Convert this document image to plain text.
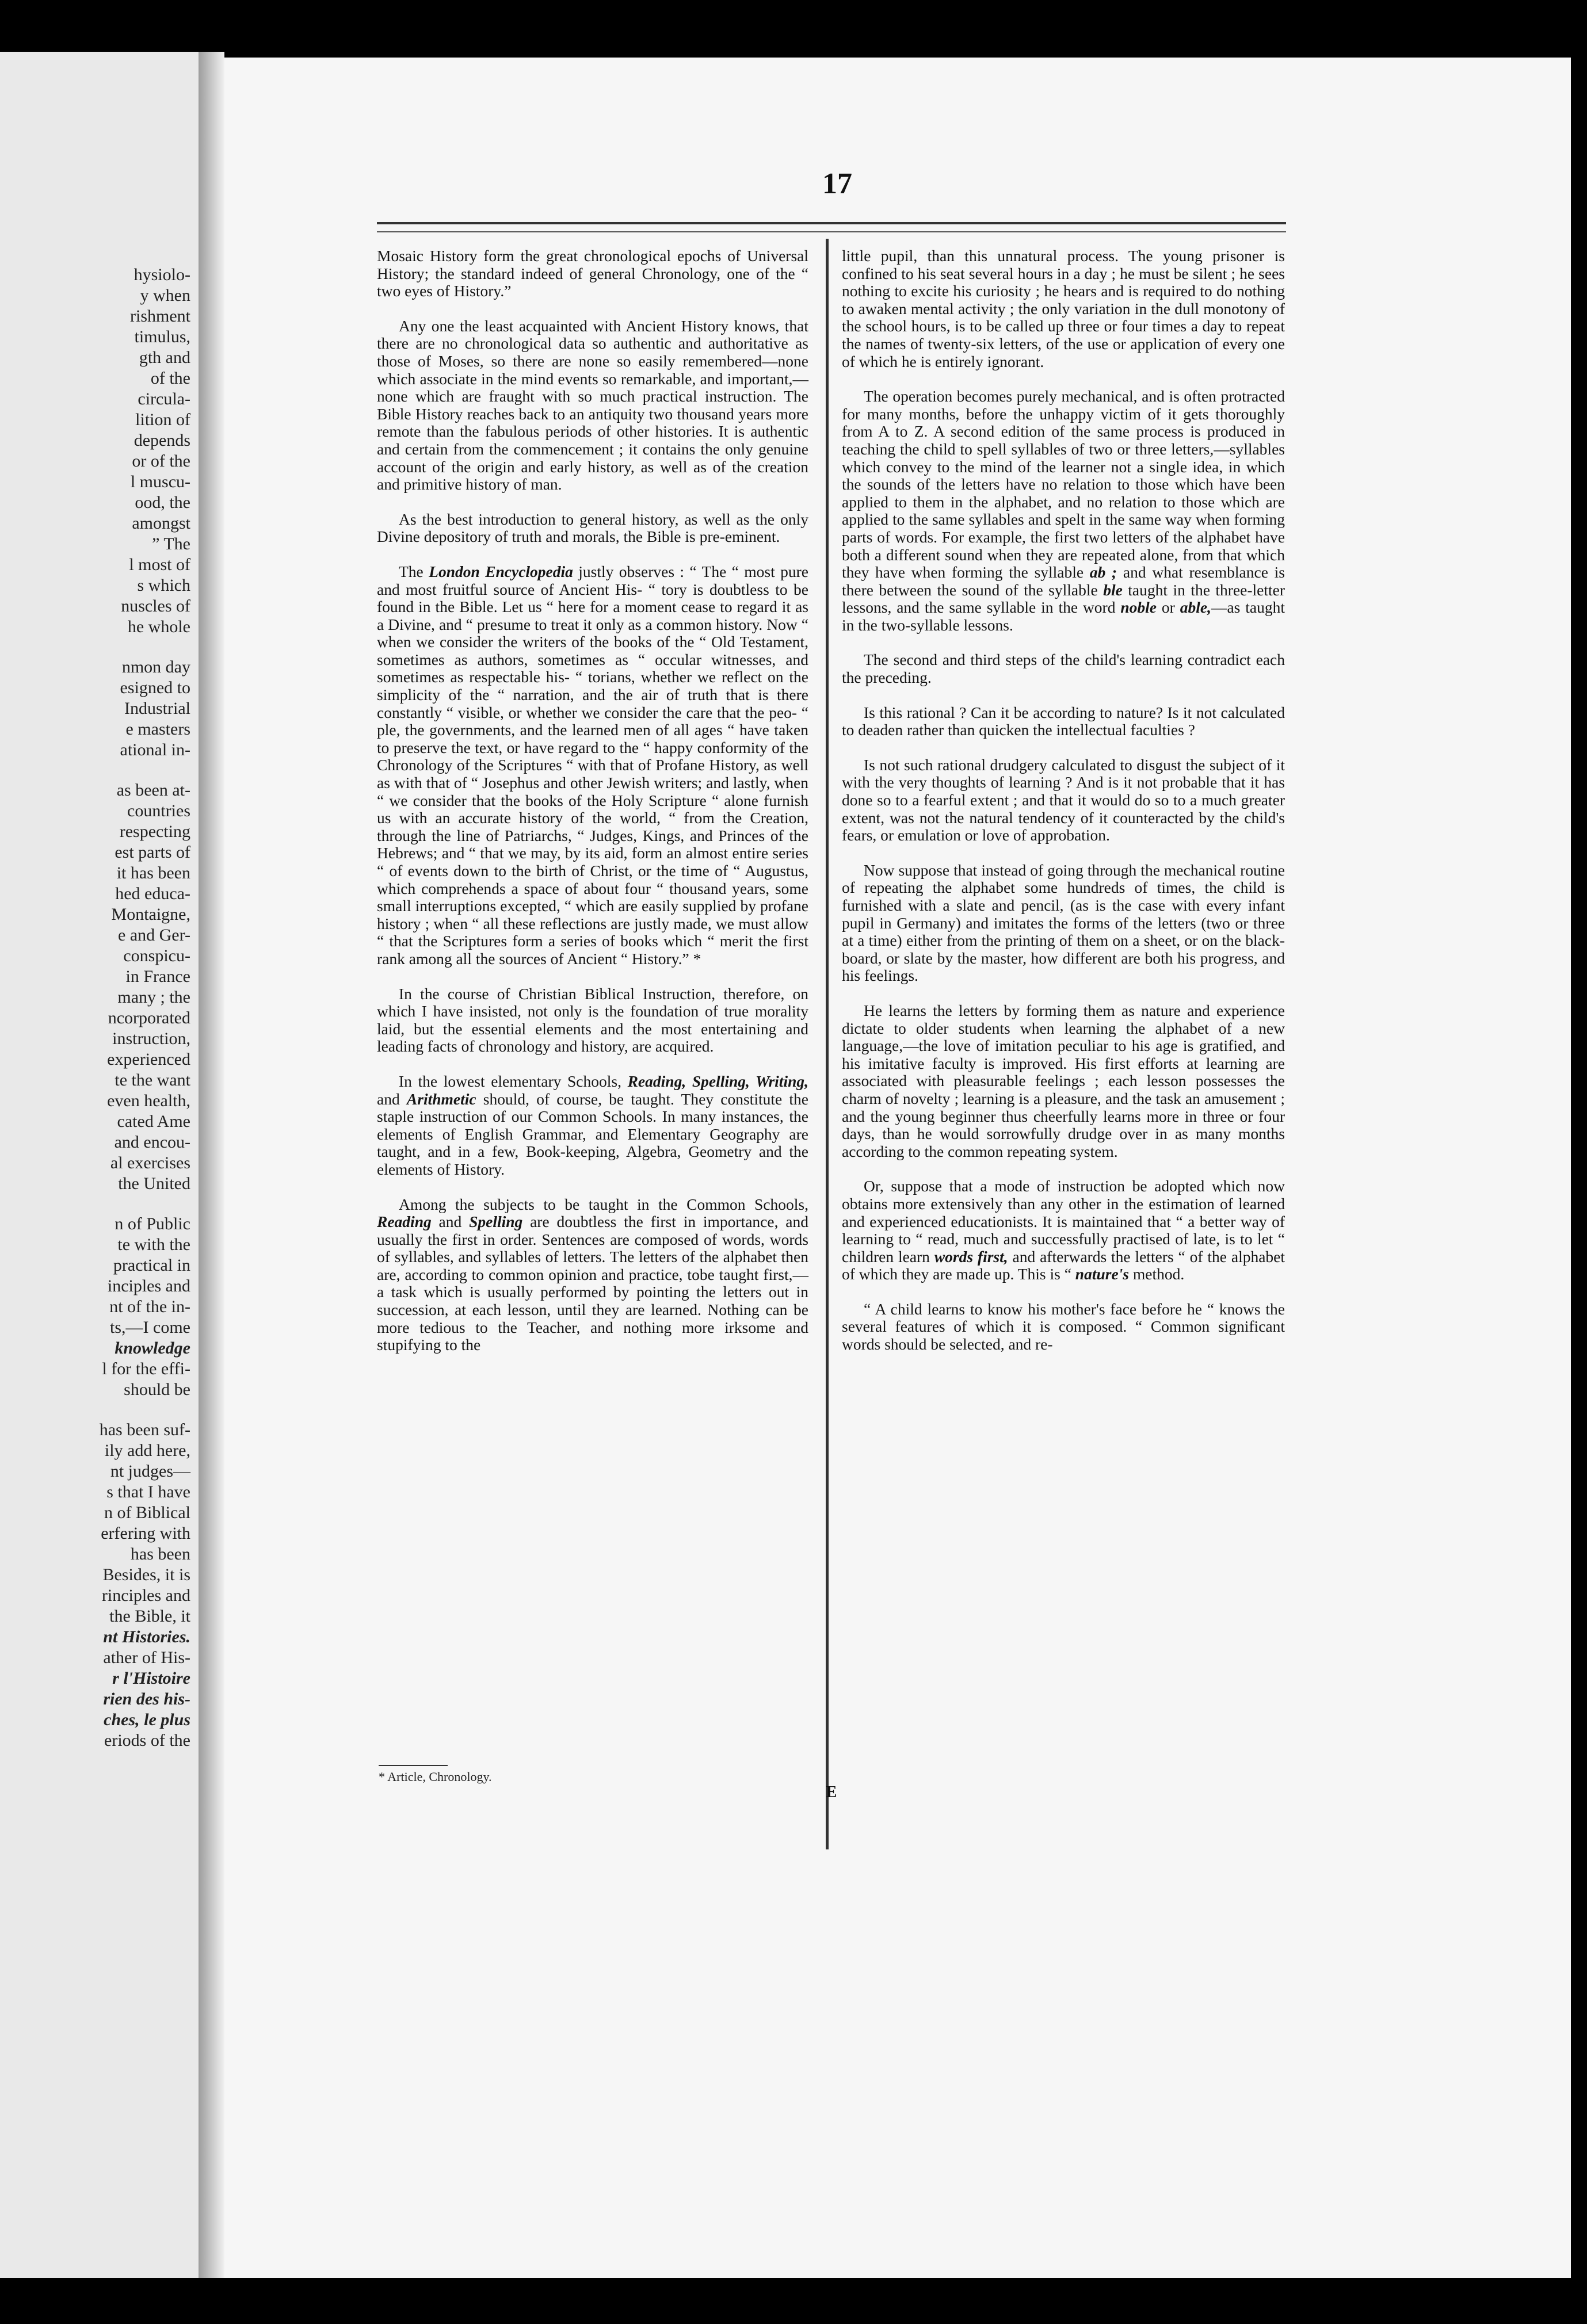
hysiolo-
y when
rishment
timulus,
gth and
of the
circula-
lition of
depends
or of the
l muscu-
ood, the
amongst
” The
l most of
s which
nuscles of
he whole
nmon day
esigned to
Industrial
e masters
ational in-
as been at-
countries
respecting
est parts of
it has been
hed educa-
Montaigne,
e and Ger-
conspicu-
in France
many ; the
ncorporated
instruction,
experienced
te the want
even health,
cated Ame
and encou-
al exercises
the United
n of Public
te with the
practical in
inciples and
nt of the in-
ts,—I come
knowledge
l for the effi-
should be
has been suf-
ily add here,
nt judges—
s that I have
n of Biblical
erfering with
has been
Besides, it is
rinciples and
the Bible, it
nt Histories.
ather of His-
r l'Histoire
rien des his-
ches, le plus
eriods of the
17

Mosaic History form the great chronological epochs of Universal History; the standard indeed of general Chronology, one of the “ two eyes of History.”

Any one the least acquainted with Ancient History knows, that there are no chronological data so authentic and authoritative as those of Moses, so there are none so easily remembered—none which associate in the mind events so remarkable, and important,—none which are fraught with so much practical instruction. The Bible History reaches back to an antiquity two thousand years more remote than the fabulous periods of other histories. It is authentic and certain from the commencement ; it contains the only genuine account of the origin and early history, as well as of the creation and primitive history of man.

As the best introduction to general history, as well as the only Divine depository of truth and morals, the Bible is pre-eminent.

The London Encyclopedia justly observes : “ The “ most pure and most fruitful source of Ancient His- “ tory is doubtless to be found in the Bible. Let us “ here for a moment cease to regard it as a Divine, and “ presume to treat it only as a common history. Now “ when we consider the writers of the books of the “ Old Testament, sometimes as authors, sometimes as “ occular witnesses, and sometimes as respectable his- “ torians, whether we reflect on the simplicity of the “ narration, and the air of truth that is there constantly “ visible, or whether we consider the care that the peo- “ ple, the governments, and the learned men of all ages “ have taken to preserve the text, or have regard to the “ happy conformity of the Chronology of the Scriptures “ with that of Profane History, as well as with that of “ Josephus and other Jewish writers; and lastly, when “ we consider that the books of the Holy Scripture “ alone furnish us with an accurate history of the world, “ from the Creation, through the line of Patriarchs, “ Judges, Kings, and Princes of the Hebrews; and “ that we may, by its aid, form an almost entire series “ of events down to the birth of Christ, or the time of “ Augustus, which comprehends a space of about four “ thousand years, some small interruptions excepted, “ which are easily supplied by profane history ; when “ all these reflections are justly made, we must allow “ that the Scriptures form a series of books which “ merit the first rank among all the sources of Ancient “ History.” *

In the course of Christian Biblical Instruction, therefore, on which I have insisted, not only is the foundation of true morality laid, but the essential elements and the most entertaining and leading facts of chronology and history, are acquired.

In the lowest elementary Schools, Reading, Spelling, Writing, and Arithmetic should, of course, be taught. They constitute the staple instruction of our Common Schools. In many instances, the elements of English Grammar, and Elementary Geography are taught, and in a few, Book-keeping, Algebra, Geometry and the elements of History.

Among the subjects to be taught in the Common Schools, Reading and Spelling are doubtless the first in importance, and usually the first in order. Sentences are composed of words, words of syllables, and syllables of letters. The letters of the alphabet then are, according to common opinion and practice, tobe taught first,—a task which is usually performed by pointing the letters out in succession, at each lesson, until they are learned. Nothing can be more tedious to the Teacher, and nothing more irksome and stupifying to the

little pupil, than this unnatural process. The young prisoner is confined to his seat several hours in a day ; he must be silent ; he sees nothing to excite his curiosity ; he hears and is required to do nothing to awaken mental activity ; the only variation in the dull monotony of the school hours, is to be called up three or four times a day to repeat the names of twenty-six letters, of the use or application of every one of which he is entirely ignorant.

The operation becomes purely mechanical, and is often protracted for many months, before the unhappy victim of it gets thoroughly from A to Z. A second edition of the same process is produced in teaching the child to spell syllables of two or three letters,—syllables which convey to the mind of the learner not a single idea, in which the sounds of the letters have no relation to those which have been applied to them in the alphabet, and no relation to those which are applied to the same syllables and spelt in the same way when forming parts of words. For example, the first two letters of the alphabet have both a different sound when they are repeated alone, from that which they have when forming the syllable ab ; and what resemblance is there between the sound of the syllable ble taught in the three-letter lessons, and the same syllable in the word noble or able,—as taught in the two-syllable lessons.

The second and third steps of the child's learning contradict each the preceding.

Is this rational ? Can it be according to nature? Is it not calculated to deaden rather than quicken the intellectual faculties ?

Is not such rational drudgery calculated to disgust the subject of it with the very thoughts of learning ? And is it not probable that it has done so to a fearful extent ; and that it would do so to a much greater extent, was not the natural tendency of it counteracted by the child's fears, or emulation or love of approbation.

Now suppose that instead of going through the mechanical routine of repeating the alphabet some hundreds of times, the child is furnished with a slate and pencil, (as is the case with every infant pupil in Germany) and imitates the forms of the letters (two or three at a time) either from the printing of them on a sheet, or on the black-board, or slate by the master, how different are both his progress, and his feelings.

He learns the letters by forming them as nature and experience dictate to older students when learning the alphabet of a new language,—the love of imitation peculiar to his age is gratified, and his imitative faculty is improved. His first efforts at learning are associated with pleasurable feelings ; each lesson possesses the charm of novelty ; learning is a pleasure, and the task an amusement ; and the young beginner thus cheerfully learns more in three or four days, than he would sorrowfully drudge over in as many months according to the common repeating system.

Or, suppose that a mode of instruction be adopted which now obtains more extensively than any other in the estimation of learned and experienced educationists. It is maintained that “ a better way of learning to “ read, much and successfully practised of late, is to let “ children learn words first, and afterwards the letters “ of the alphabet of which they are made up. This is “ nature's method.

“ A child learns to know his mother's face before he “ knows the several features of which it is composed. “ Common significant words should be selected, and re-

* Article, Chronology.
E
